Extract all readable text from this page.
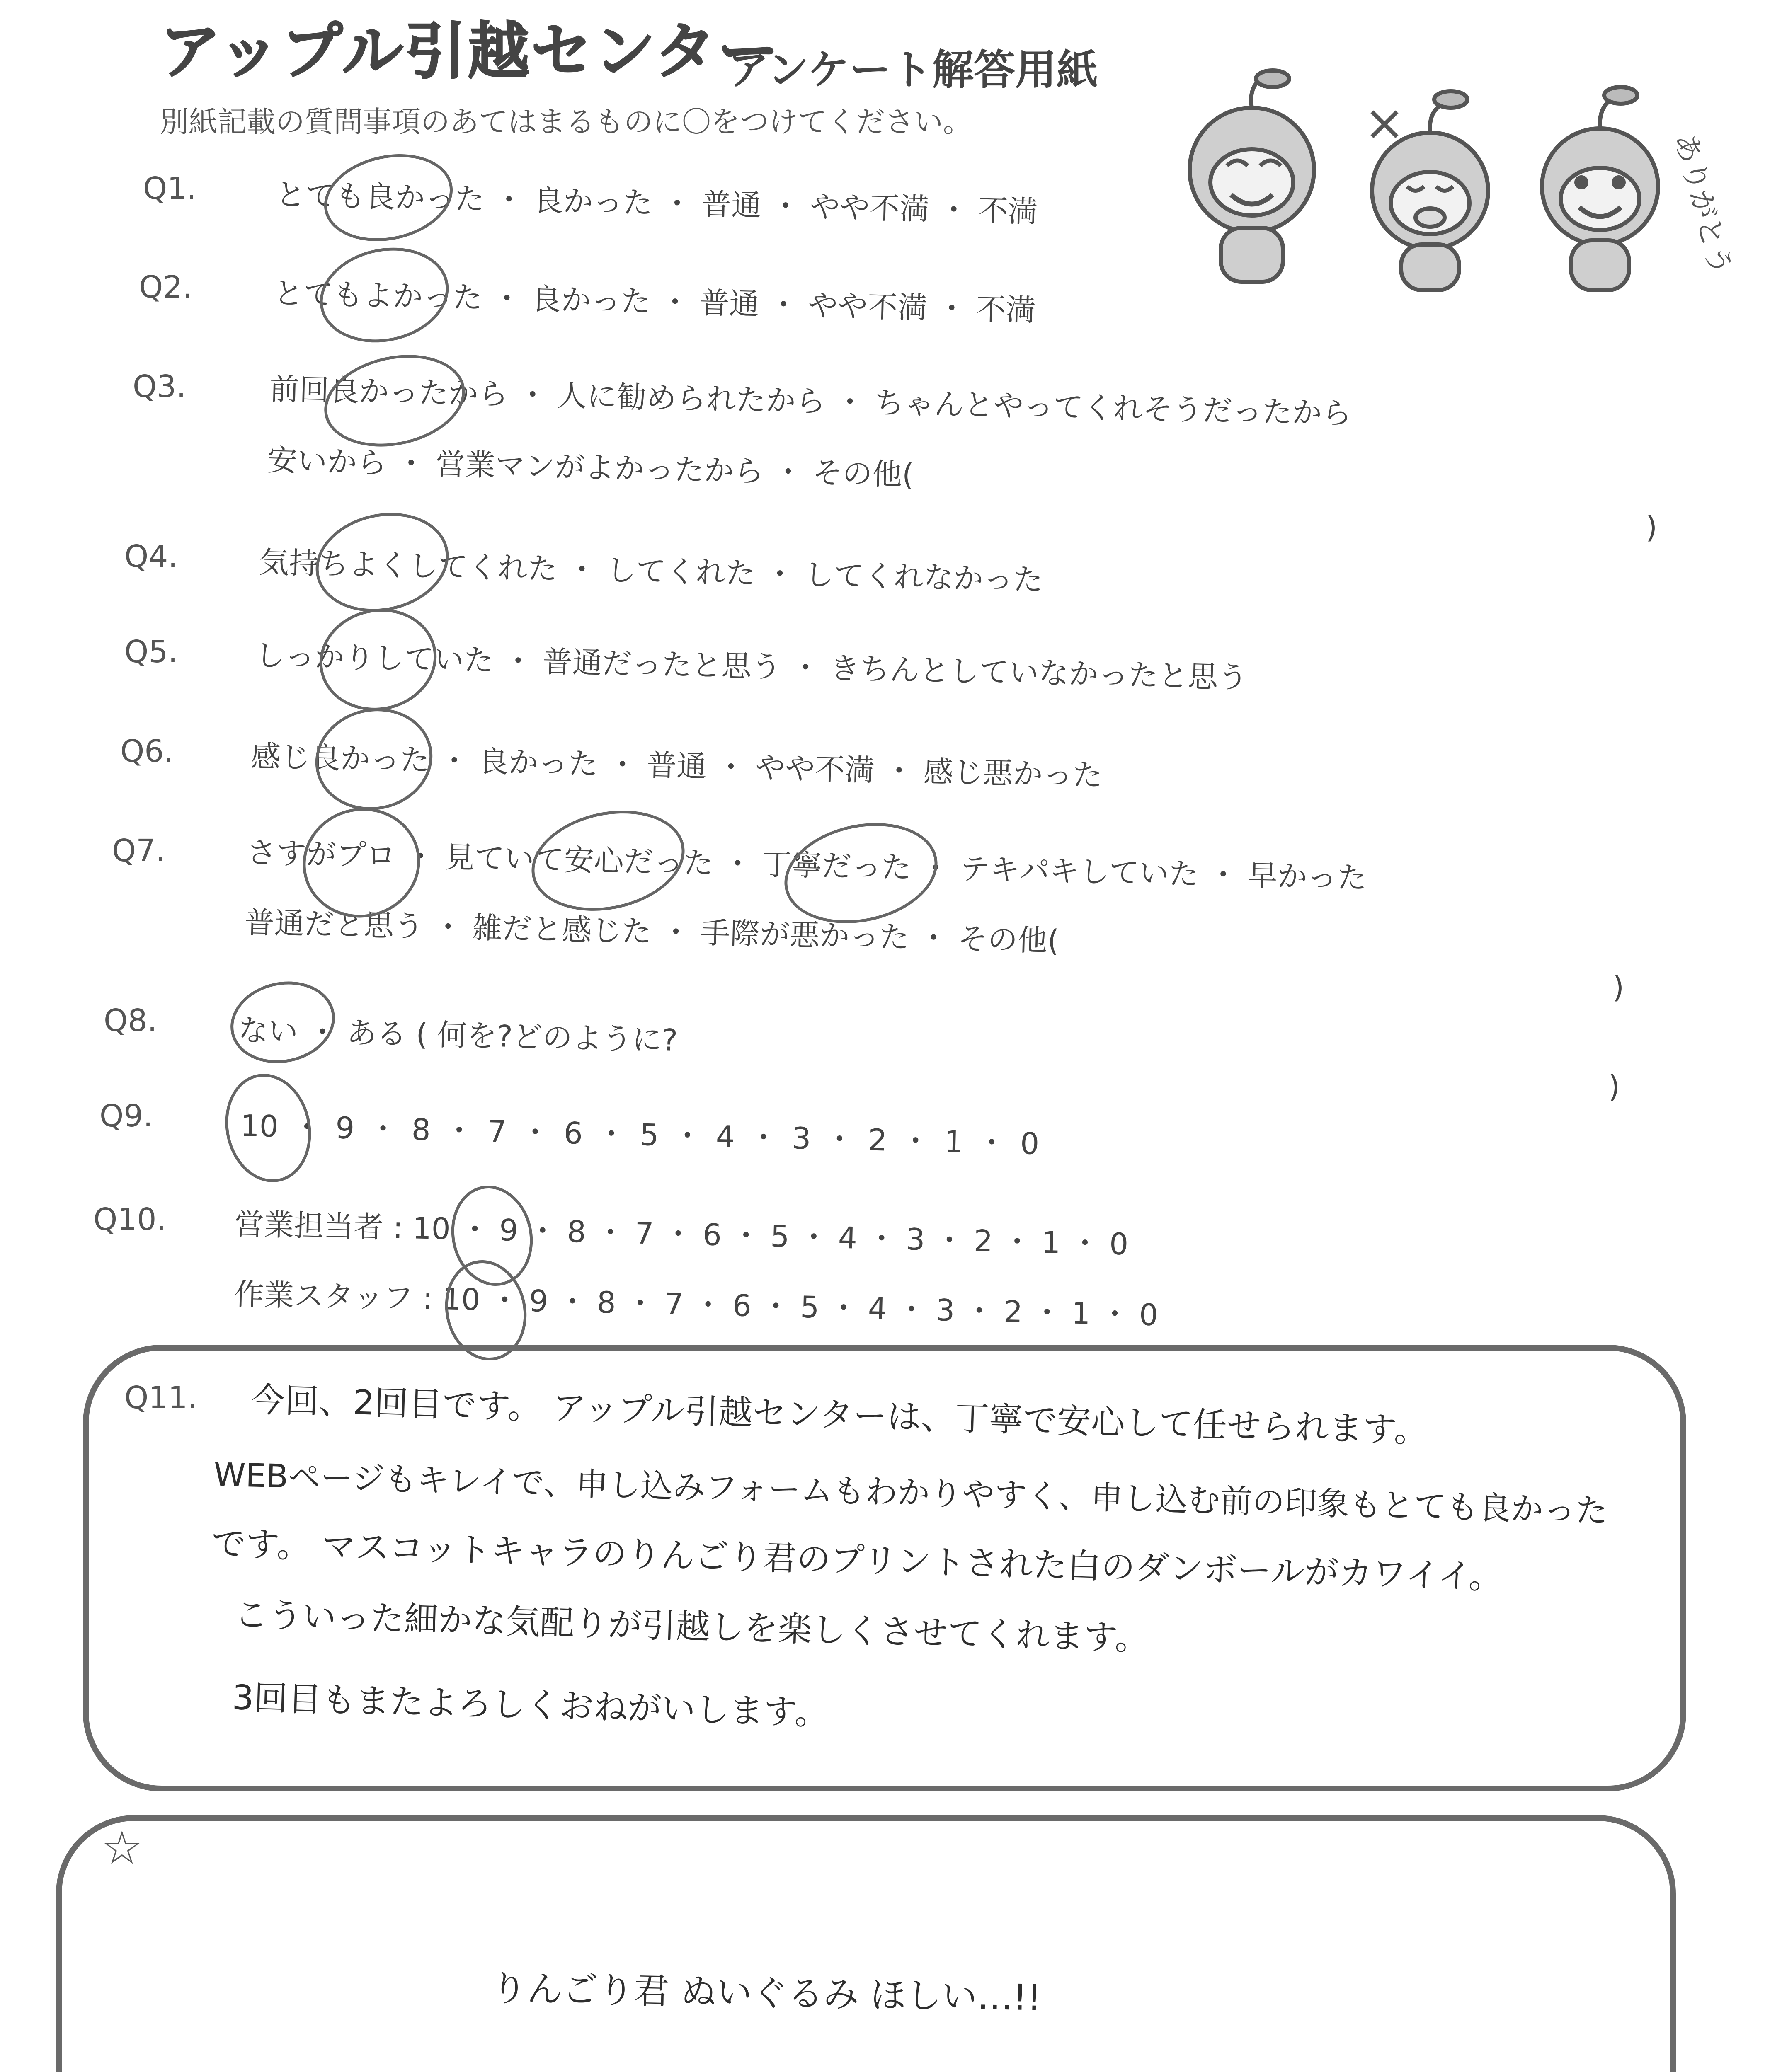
アップル引越センター
アンケート解答用紙
別紙記載の質問事項のあてはまるものに〇をつけてください。
ありがとう
Q1.	とても良かった ・ 良かった ・ 普通 ・ やや不満 ・ 不満
Q2.	とてもよかった ・ 良かった ・ 普通 ・ やや不満 ・ 不満
Q3.	前回良かったから ・ 人に勧められたから ・ ちゃんとやってくれそうだったから
安いから ・ 営業マンがよかったから ・ その他(
)
Q4.	気持ちよくしてくれた ・ してくれた ・ してくれなかった
Q5.	しっかりしていた ・ 普通だったと思う ・ きちんとしていなかったと思う
Q6.	感じ良かった ・ 良かった ・ 普通 ・ やや不満 ・ 感じ悪かった
Q7.	さすがプロ ・ 見ていて安心だった ・ 丁寧だった ・ テキパキしていた ・ 早かった
普通だと思う ・ 雑だと感じた ・ 手際が悪かった ・ その他(
)
Q8.	ない ・ ある ( 何を?どのように?
)
Q9.	10 ・ 9 ・ 8 ・ 7 ・ 6 ・ 5 ・ 4 ・ 3 ・ 2 ・ 1 ・ 0
Q10. 営業担当者 : 10 ・ 9 ・ 8 ・ 7 ・ 6 ・ 5 ・ 4 ・ 3 ・ 2 ・ 1 ・ 0
作業スタッフ : 10 ・ 9 ・ 8 ・ 7 ・ 6 ・ 5 ・ 4 ・ 3 ・ 2 ・ 1 ・ 0
Q11. 今回、2回目です。 アップル引越センターは、丁寧で安心して任せられます。
WEBページもキレイで、申し込みフォームもわかりやすく、申し込む前の印象もとても良かった
です。 マスコットキャラのりんごり君のプリントされた白のダンボールがカワイイ。
こういった細かな気配りが引越しを楽しくさせてくれます。
3回目もまたよろしくおねがいします。
☆
りんごり君 ぬいぐるみ ほしい…!!
